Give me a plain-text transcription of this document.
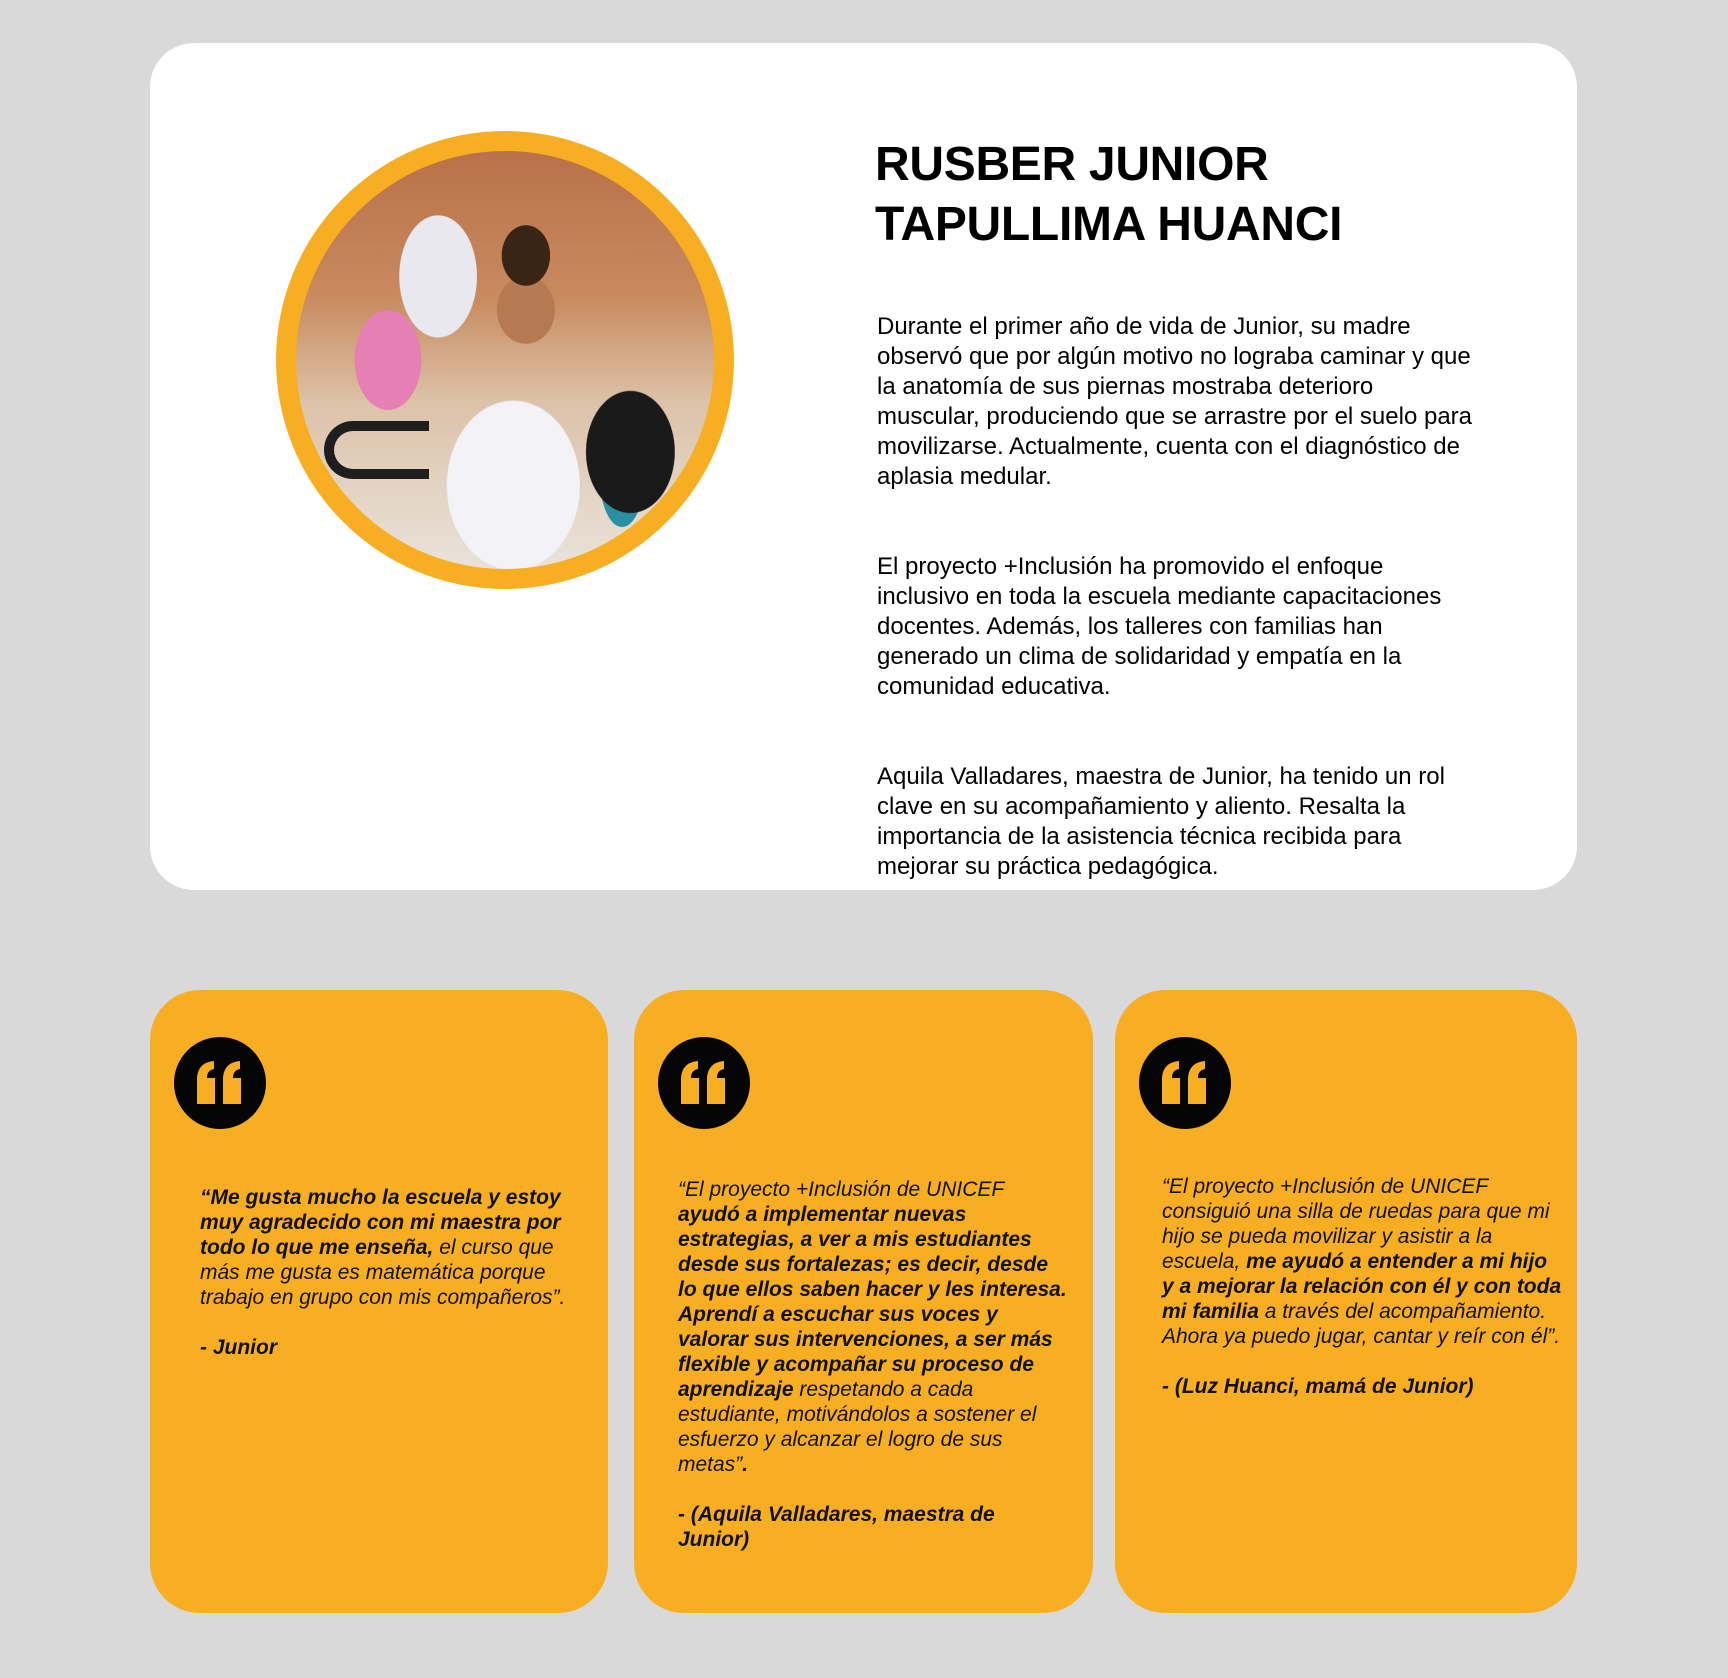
RUSBER JUNIOR
TAPULLIMA HUANCI

Durante el primer año de vida de Junior, su madre observó que por algún motivo no lograba caminar y que la anatomía de sus piernas mostraba deterioro muscular, produciendo que se arrastre por el suelo para movilizarse. Actualmente, cuenta con el diagnóstico de aplasia medular.

El proyecto +Inclusión ha promovido el enfoque inclusivo en toda la escuela mediante capacitaciones docentes. Además, los talleres con familias han generado un clima de solidaridad y empatía en la comunidad educativa.

Aquila Valladares, maestra de Junior, ha tenido un rol clave en su acompañamiento y aliento. Resalta la importancia de la asistencia técnica recibida para mejorar su práctica pedagógica.

“Me gusta mucho la escuela y estoy muy agradecido con mi maestra por todo lo que me enseña, el curso que más me gusta es matemática porque trabajo en grupo con mis compañeros”.
- Junior
“El proyecto +Inclusión de UNICEF ayudó a implementar nuevas estrategias, a ver a mis estudiantes desde sus fortalezas; es decir, desde lo que ellos saben hacer y les interesa. Aprendí a escuchar sus voces y valorar sus intervenciones, a ser más flexible y acompañar su proceso de aprendizaje respetando a cada estudiante, motivándolos a sostener el esfuerzo y alcanzar el logro de sus metas”.
- (Aquila Valladares, maestra de Junior)
“El proyecto +Inclusión de UNICEF consiguió una silla de ruedas para que mi hijo se pueda movilizar y asistir a la escuela, me ayudó a entender a mi hijo y a mejorar la relación con él y con toda mi familia a través del acompañamiento. Ahora ya puedo jugar, cantar y reír con él”.
- (Luz Huanci, mamá de Junior)
